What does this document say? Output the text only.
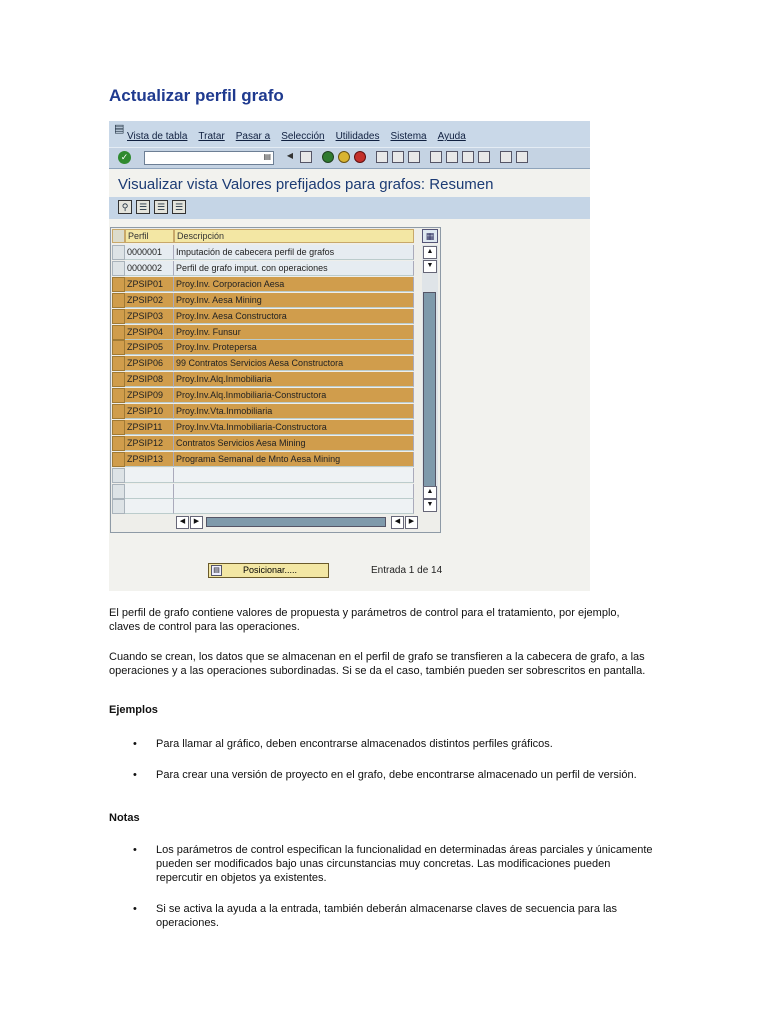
Actualizar perfil grafo
▤
Vista de tabla Tratar Pasar a Selección Utilidades Sistema Ayuda
✓	▤	◀
Visualizar vista Valores prefijados para grafos: Resumen
⚲	☰	☰	☰
Perfil	Descripción	▦
0000001	Imputación de cabecera perfil de grafos
0000002	Perfil de grafo imput. con operaciones
ZPSIP01	Proy.Inv. Corporacion Aesa
ZPSIP02	Proy.Inv. Aesa Mining
ZPSIP03	Proy.Inv. Aesa Constructora
ZPSIP04	Proy.Inv. Funsur
ZPSIP05	Proy.Inv. Protepersa
ZPSIP06	99 Contratos Servicios Aesa Constructora
ZPSIP08	Proy.Inv.Alq.Inmobiliaria
ZPSIP09	Proy.Inv.Alq.Inmobiliaria-Constructora
ZPSIP10	Proy.Inv.Vta.Inmobiliaria
ZPSIP11	Proy.Inv.Vta.Inmobiliaria-Constructora
ZPSIP12	Contratos Servicios Aesa Mining
ZPSIP13	Programa Semanal de Mnto Aesa Mining
▲
▼
▲
▼
◀	▶	◀	▶
▤	Posicionar.....	Entrada 1 de 14
El perfil de grafo contiene valores de propuesta y parámetros de control para el tratamiento, por ejemplo, claves de control para las operaciones.
Cuando se crean, los datos que se almacenan en el perfil de grafo se transfieren a la cabecera de grafo, a las operaciones y a las operaciones subordinadas. Si se da el caso, también pueden ser sobrescritos en pantalla.
Ejemplos
• Para llamar al gráfico, deben encontrarse almacenados distintos perfiles gráficos.
• Para crear una versión de proyecto en el grafo, debe encontrarse almacenado un perfil de versión.
Notas
• Los parámetros de control especifican la funcionalidad en determinadas áreas parciales y únicamente pueden ser modificados bajo unas circunstancias muy concretas. Las modificaciones pueden repercutir en objetos ya existentes.
• Si se activa la ayuda a la entrada, también deberán almacenarse claves de secuencia para las operaciones.
